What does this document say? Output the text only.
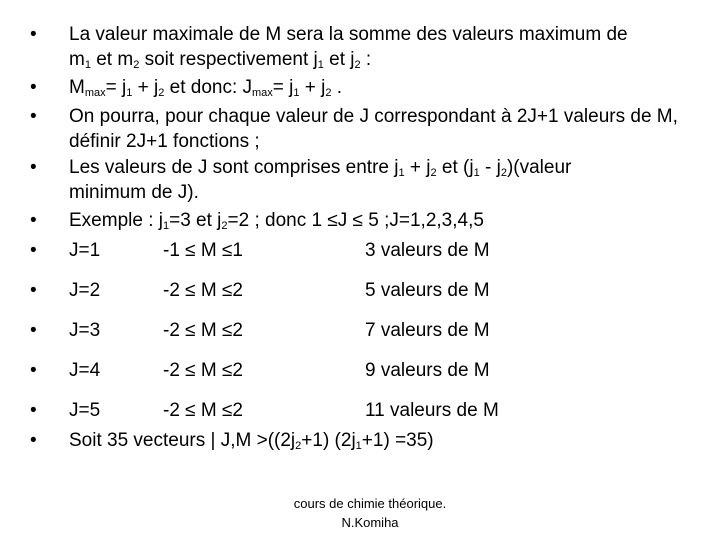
• La valeur maximale de M sera la somme des valeurs maximum de
$m_1$ et $m_2$ soit respectivement $j_1$ et $j_2$ :
• $M_{max}= j_1 + j_2$ et donc: $J_{max}= j_1 + j_2$ .
• On pourra, pour chaque valeur de J correspondant à 2J+1 valeurs de M, définir 2J+1 fonctions ;
• Les valeurs de J sont comprises entre $j_1 + j_2$ et ($j_1$ - $j_2)(valeur$
minimum de J).
• Exemple : $j_1=3$ et $j_2=2$ ; donc 1 ≤J ≤ 5 ;J=1,2,3,4,5
• J=1	-1 ≤ M ≤1	3 valeurs de M
• J=2	-2 ≤ M ≤2	5 valeurs de M
• J=3	-2 ≤ M ≤2	7 valeurs de M
• J=4	-2 ≤ M ≤2	9 valeurs de M
• J=5	-2 ≤ M ≤2	11 valeurs de M
• Soit 35 vecteurs | $J,M >((2j_2+1)$ $(2j_1+1) =35$)
cours de chimie théorique.
N.Komiha
